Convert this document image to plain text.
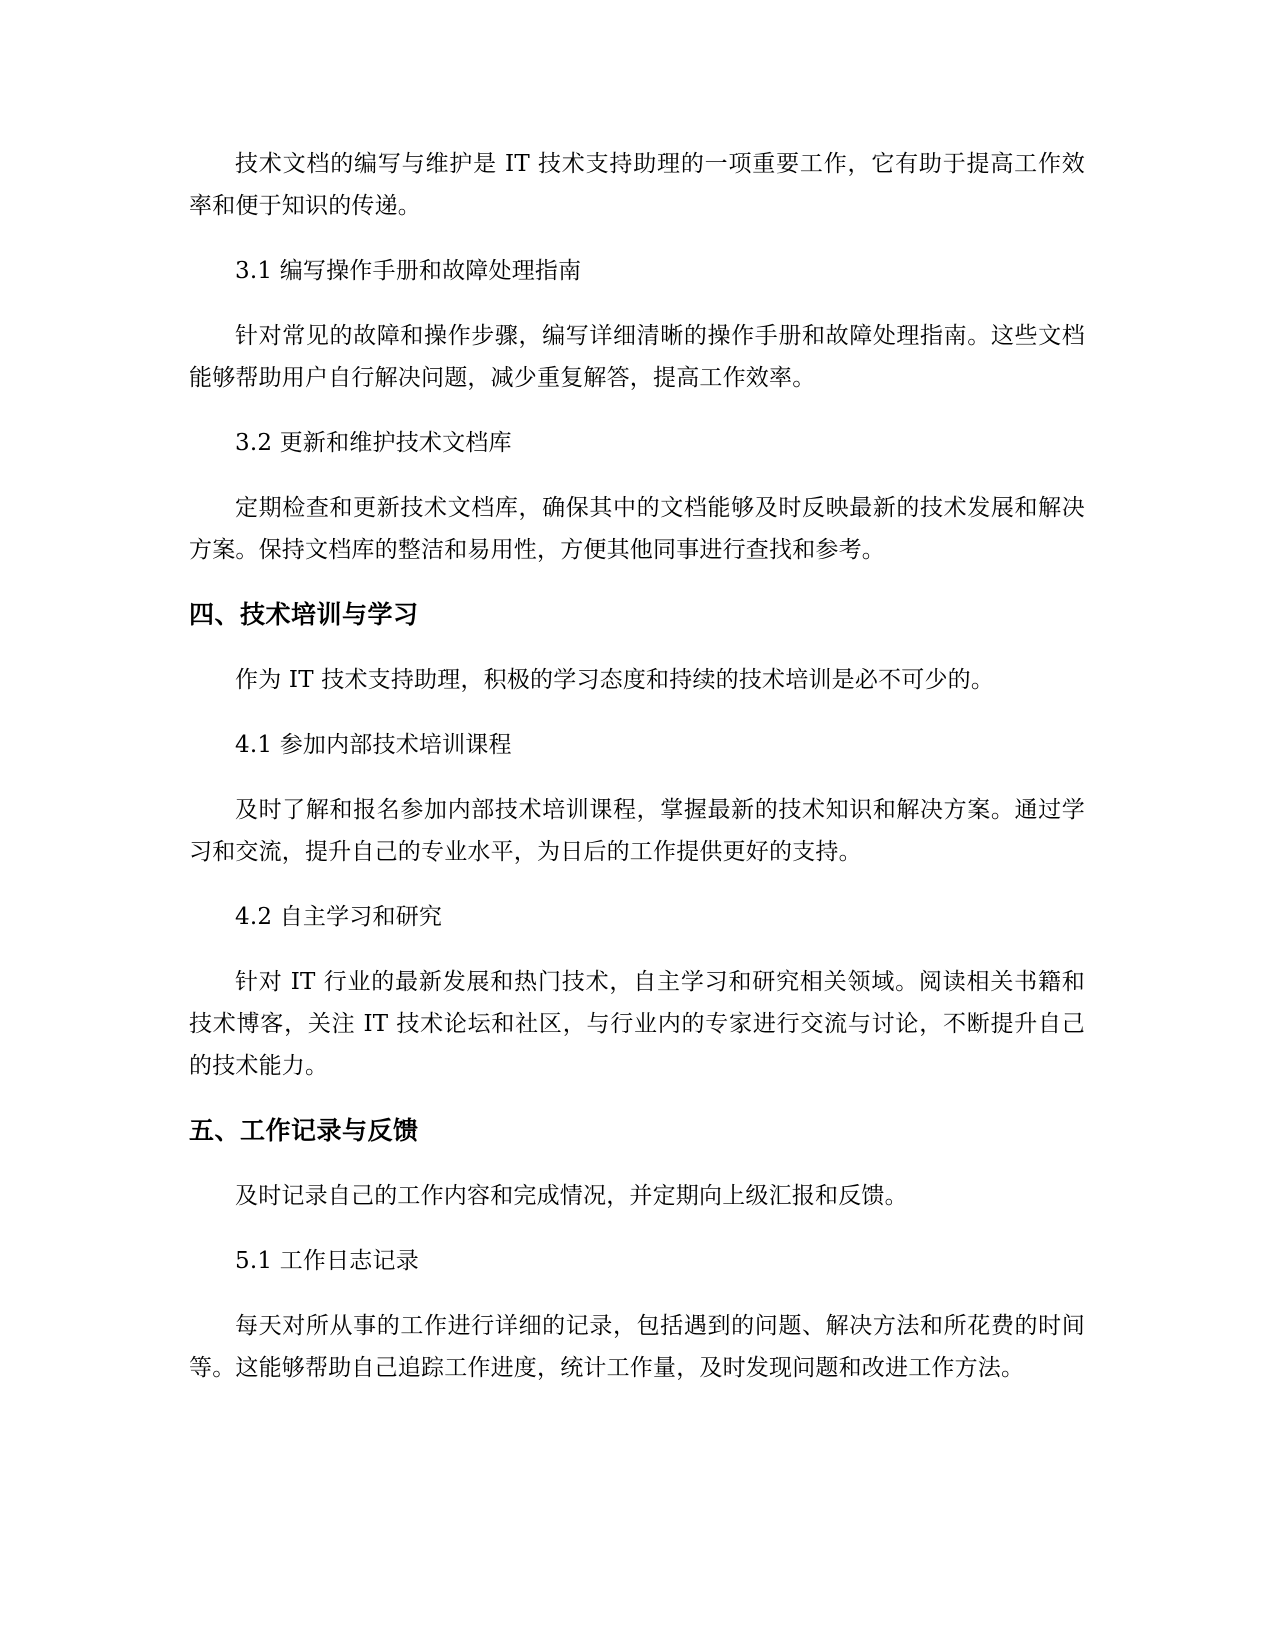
技术文档的编写与维护是 IT 技术支持助理的一项重要工作，它有助于提高工作效率和便于知识的传递。

3.1 编写操作手册和故障处理指南

针对常见的故障和操作步骤，编写详细清晰的操作手册和故障处理指南。这些文档能够帮助用户自行解决问题，减少重复解答，提高工作效率。

3.2 更新和维护技术文档库

定期检查和更新技术文档库，确保其中的文档能够及时反映最新的技术发展和解决方案。保持文档库的整洁和易用性，方便其他同事进行查找和参考。

四、技术培训与学习

作为 IT 技术支持助理，积极的学习态度和持续的技术培训是必不可少的。

4.1 参加内部技术培训课程

及时了解和报名参加内部技术培训课程，掌握最新的技术知识和解决方案。通过学习和交流，提升自己的专业水平，为日后的工作提供更好的支持。

4.2 自主学习和研究

针对 IT 行业的最新发展和热门技术，自主学习和研究相关领域。阅读相关书籍和技术博客，关注 IT 技术论坛和社区，与行业内的专家进行交流与讨论，不断提升自己的技术能力。

五、工作记录与反馈

及时记录自己的工作内容和完成情况，并定期向上级汇报和反馈。

5.1 工作日志记录

每天对所从事的工作进行详细的记录，包括遇到的问题、解决方法和所花费的时间等。这能够帮助自己追踪工作进度，统计工作量，及时发现问题和改进工作方法。
